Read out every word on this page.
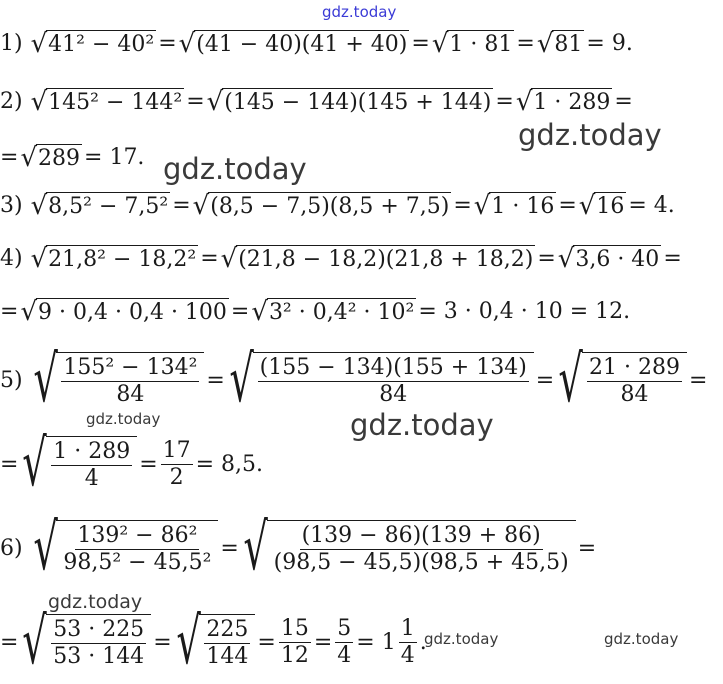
gdz.today
gdz.today
gdz.today
gdz.today	gdz.today
gdz.today
gdz.today	gdz.today
1) √ 41² − 40² = √ (41 − 40)(41 + 40) = √ 1 · 81 = √ 81 = 9.
2) √ 145² − 144² = √ (145 − 144)(145 + 144) = √ 1 · 289 =
= √ 289 = 17.
3) √ 8,5² − 7,5² = √ (8,5 − 7,5)(8,5 + 7,5) = √ 1 · 16 = √ 16 = 4.
4) √ 21,8² − 18,2² = √ (21,8 − 18,2)(21,8 + 18,2) = √ 3,6 · 40 =
= √ 9 · 0,4 · 0,4 · 100 = √ 3² · 0,4² · 10² = 3 · 0,4 · 10 = 12.
5) √ $\frac{\text{155² − 134²}}{84}$ = √ $\frac{(155 - 134)(155 + 134)}{84}$ = √ $\frac{21 \cdot 289}{84}$ =
= √ $\frac{1 \cdot 289}{4} = \frac{17}{2} = 8,5$.
6) √ $\frac{\text{139² − 86²}}{\text{98,5² − 45,5²}}$ = √ $\frac{(139 - 86)(139 + 86)}{(98,5 - 45,5)(98,5 + 45,5)}$ =
= √ $\frac{53 \cdot 225}{53 \cdot 144}$ = √ $\frac{225}{144} = \frac{15}{12} = \frac{5}{4} = 1 \frac{1}{4}$ .
